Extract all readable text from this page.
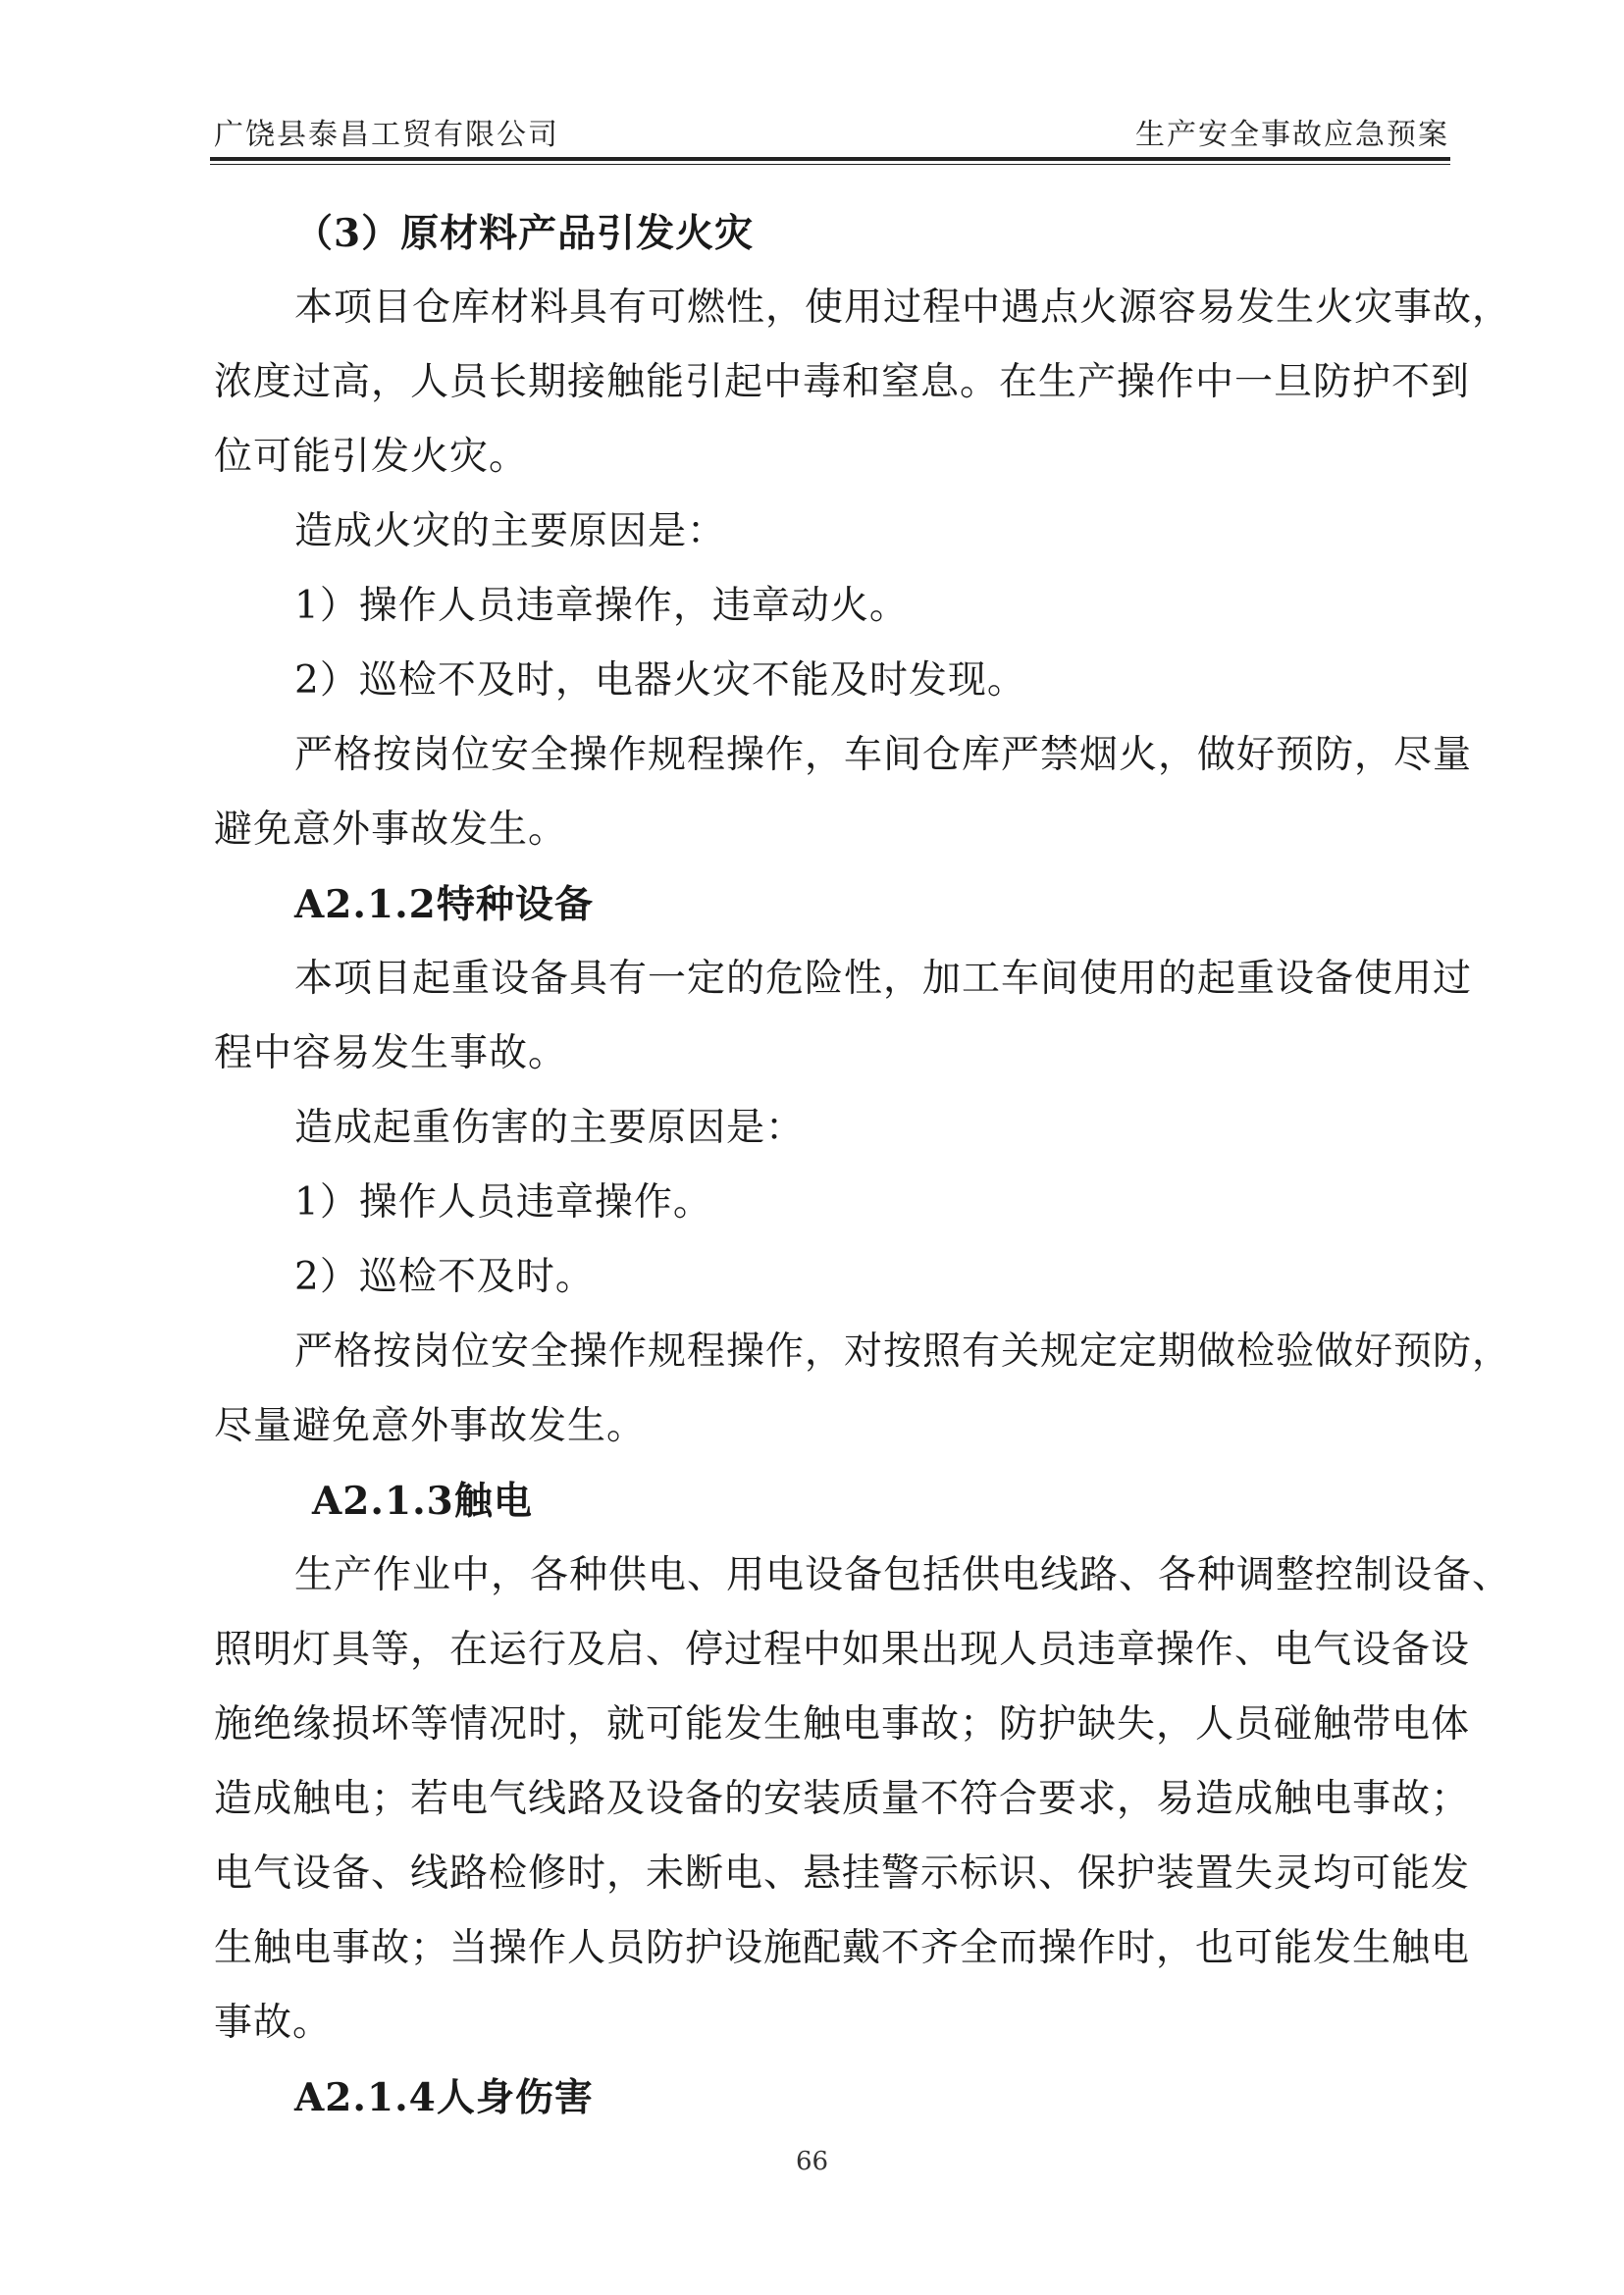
广饶县泰昌工贸有限公司	生产安全事故应急预案
（3）原材料产品引发火灾
本项目仓库材料具有可燃性，使用过程中遇点火源容易发生火灾事故，
浓度过高，人员长期接触能引起中毒和窒息。在生产操作中一旦防护不到
位可能引发火灾。
造成火灾的主要原因是：
1）操作人员违章操作，违章动火。
2）巡检不及时，电器火灾不能及时发现。
严格按岗位安全操作规程操作，车间仓库严禁烟火，做好预防，尽量
避免意外事故发生。
A2.1.2特种设备
本项目起重设备具有一定的危险性，加工车间使用的起重设备使用过
程中容易发生事故。
造成起重伤害的主要原因是：
1）操作人员违章操作。
2）巡检不及时。
严格按岗位安全操作规程操作，对按照有关规定定期做检验做好预防，
尽量避免意外事故发生。
A2.1.3触电
生产作业中，各种供电、用电设备包括供电线路、各种调整控制设备、
照明灯具等，在运行及启、停过程中如果出现人员违章操作、电气设备设
施绝缘损坏等情况时，就可能发生触电事故；防护缺失，人员碰触带电体
造成触电；若电气线路及设备的安装质量不符合要求，易造成触电事故；
电气设备、线路检修时，未断电、悬挂警示标识、保护装置失灵均可能发
生触电事故；当操作人员防护设施配戴不齐全而操作时，也可能发生触电
事故。
A2.1.4人身伤害
66
